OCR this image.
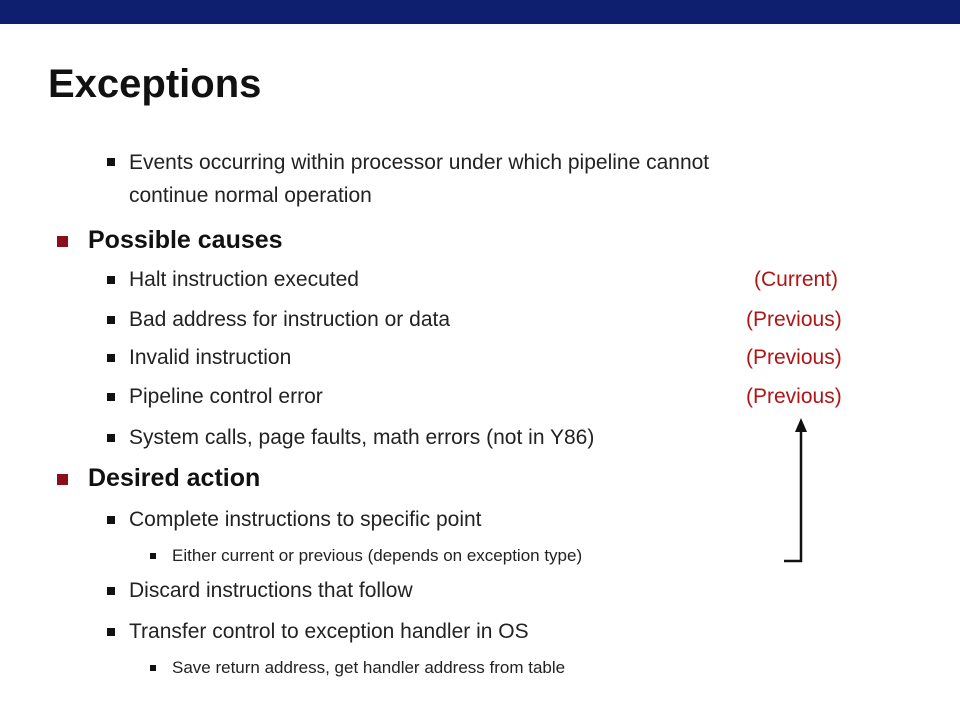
Exceptions
Events occurring within processor under which pipeline cannot
continue normal operation
Possible causes
Halt instruction executed	(Current)
Bad address for instruction or data	(Previous)
Invalid instruction	(Previous)
Pipeline control error	(Previous)
System calls, page faults, math errors (not in Y86)
Desired action
Complete instructions to specific point
Either current or previous (depends on exception type)
Discard instructions that follow
Transfer control to exception handler in OS
Save return address, get handler address from table
